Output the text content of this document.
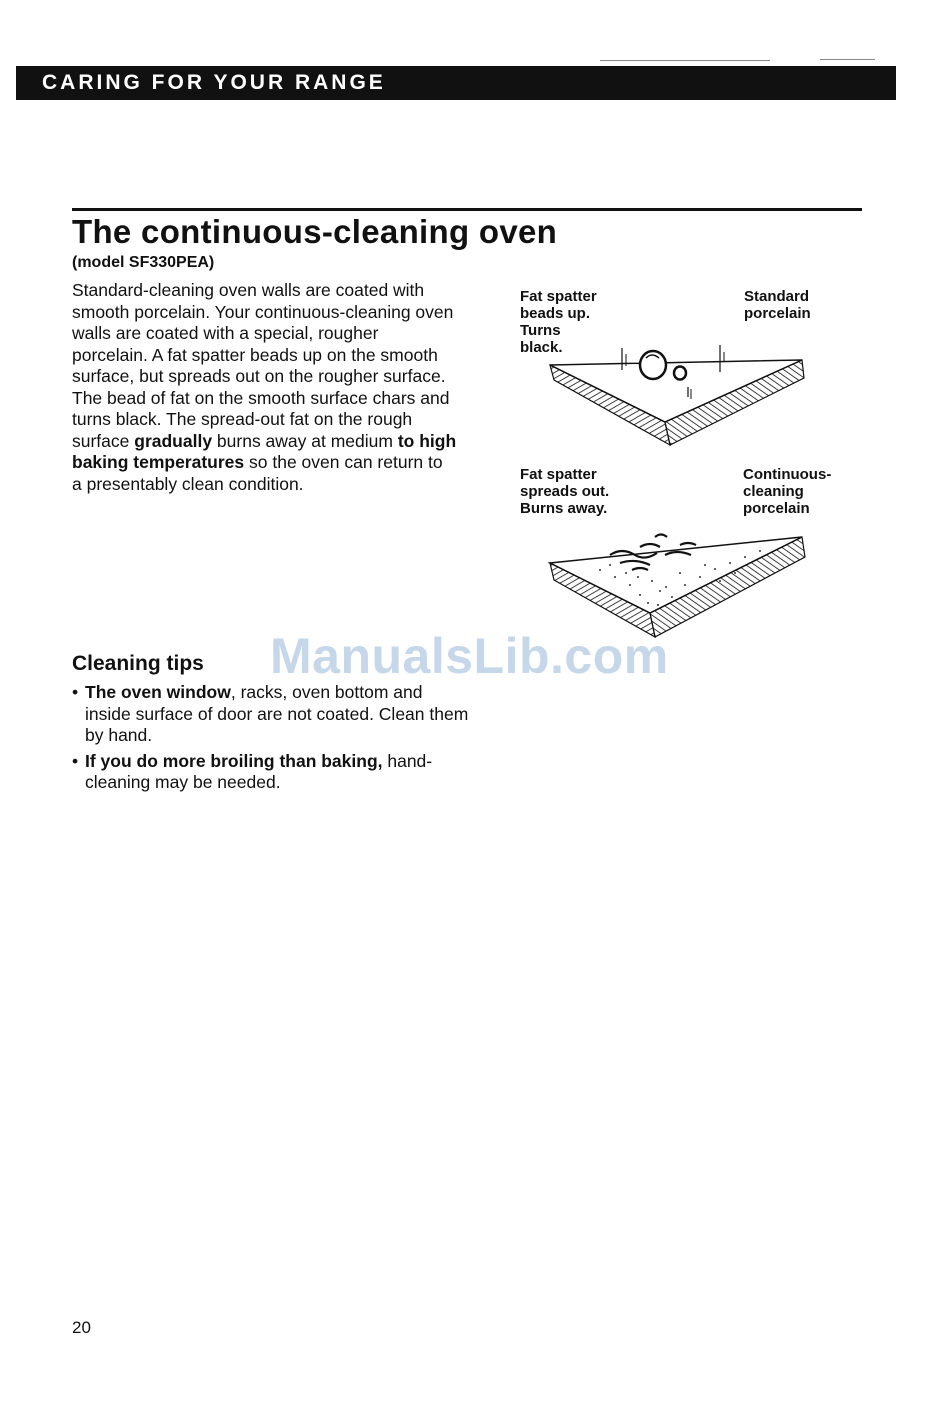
CARING FOR YOUR RANGE
The continuous-cleaning oven
(model SF330PEA)
Standard-cleaning oven walls are coated with smooth porcelain. Your continuous-cleaning oven walls are coated with a special, rougher porcelain. A fat spatter beads up on the smooth surface, but spreads out on the rougher surface. The bead of fat on the smooth surface chars and turns black. The spread-out fat on the rough surface gradually burns away at medium to high baking temperatures so the oven can return to a presentably clean condition.
Fat spatter
beads up.
Turns
black.
Standard
porcelain
Fat spatter
spreads out.
Burns away.
Continuous-
cleaning
porcelain
ManualsLib.com
Cleaning tips
• The oven window, racks, oven bottom and inside surface of door are not coated. Clean them by hand.
• If you do more broiling than baking, hand-cleaning may be needed.
20
